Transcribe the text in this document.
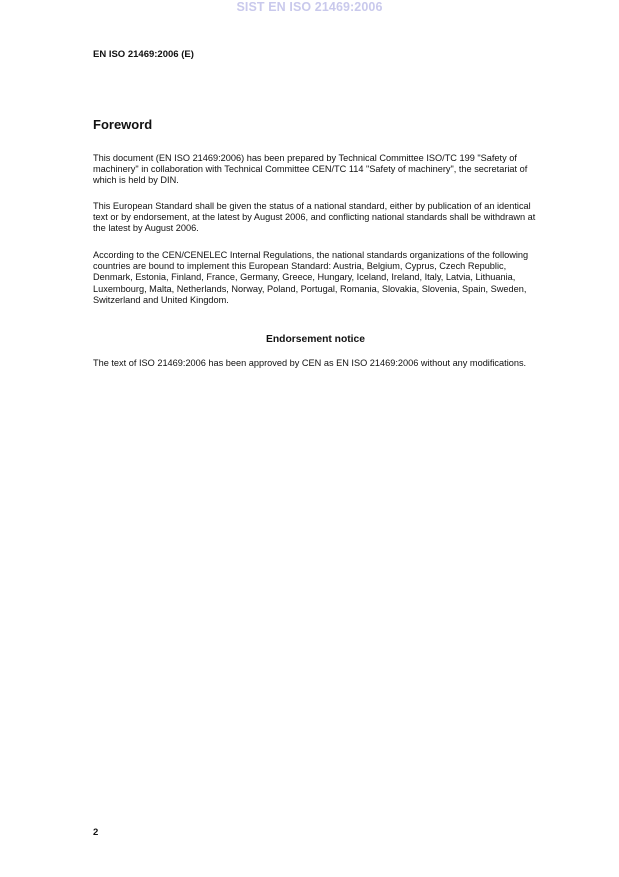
SIST EN ISO 21469:2006
EN ISO 21469:2006 (E)
Foreword

This document (EN ISO 21469:2006) has been prepared by Technical Committee ISO/TC 199 "Safety of machinery" in collaboration with Technical Committee CEN/TC 114 "Safety of machinery", the secretariat of which is held by DIN.

This European Standard shall be given the status of a national standard, either by publication of an identical text or by endorsement, at the latest by August 2006, and conflicting national standards shall be withdrawn at the latest by August 2006.

According to the CEN/CENELEC Internal Regulations, the national standards organizations of the following countries are bound to implement this European Standard: Austria, Belgium, Cyprus, Czech Republic, Denmark, Estonia, Finland, France, Germany, Greece, Hungary, Iceland, Ireland, Italy, Latvia, Lithuania, Luxembourg, Malta, Netherlands, Norway, Poland, Portugal, Romania, Slovakia, Slovenia, Spain, Sweden, Switzerland and United Kingdom.

Endorsement notice

The text of ISO 21469:2006 has been approved by CEN as EN ISO 21469:2006 without any modifications.

2
